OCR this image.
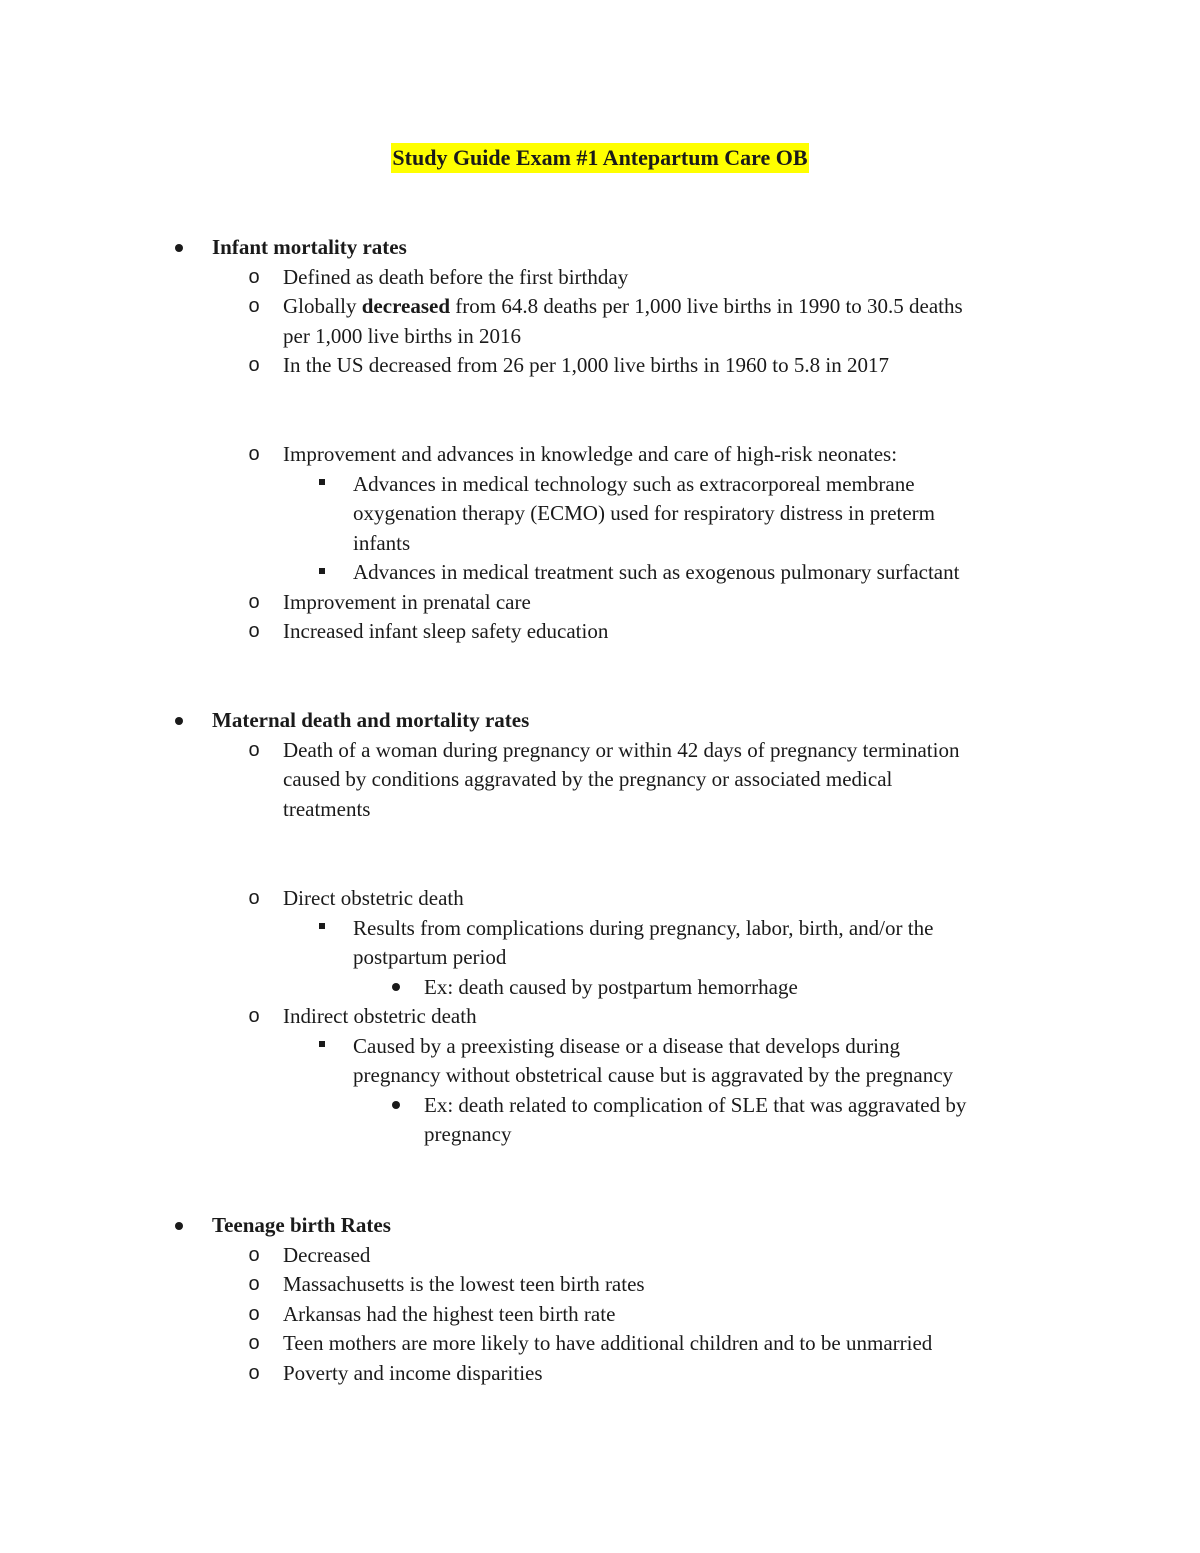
Study Guide Exam #1 Antepartum Care OB
Infant mortality rates
o Defined as death before the first birthday
o Globally decreased from 64.8 deaths per 1,000 live births in 1990 to 30.5 deaths
per 1,000 live births in 2016
o In the US decreased from 26 per 1,000 live births in 1960 to 5.8 in 2017
o Improvement and advances in knowledge and care of high-risk neonates:
Advances in medical technology such as extracorporeal membrane
oxygenation therapy (ECMO) used for respiratory distress in preterm
infants
Advances in medical treatment such as exogenous pulmonary surfactant
o Improvement in prenatal care
o Increased infant sleep safety education
Maternal death and mortality rates
o Death of a woman during pregnancy or within 42 days of pregnancy termination
caused by conditions aggravated by the pregnancy or associated medical
treatments
o Direct obstetric death
Results from complications during pregnancy, labor, birth, and/or the
postpartum period
Ex: death caused by postpartum hemorrhage
o Indirect obstetric death
Caused by a preexisting disease or a disease that develops during
pregnancy without obstetrical cause but is aggravated by the pregnancy
Ex: death related to complication of SLE that was aggravated by
pregnancy
Teenage birth Rates
o Decreased
o Massachusetts is the lowest teen birth rates
o Arkansas had the highest teen birth rate
o Teen mothers are more likely to have additional children and to be unmarried
o Poverty and income disparities
